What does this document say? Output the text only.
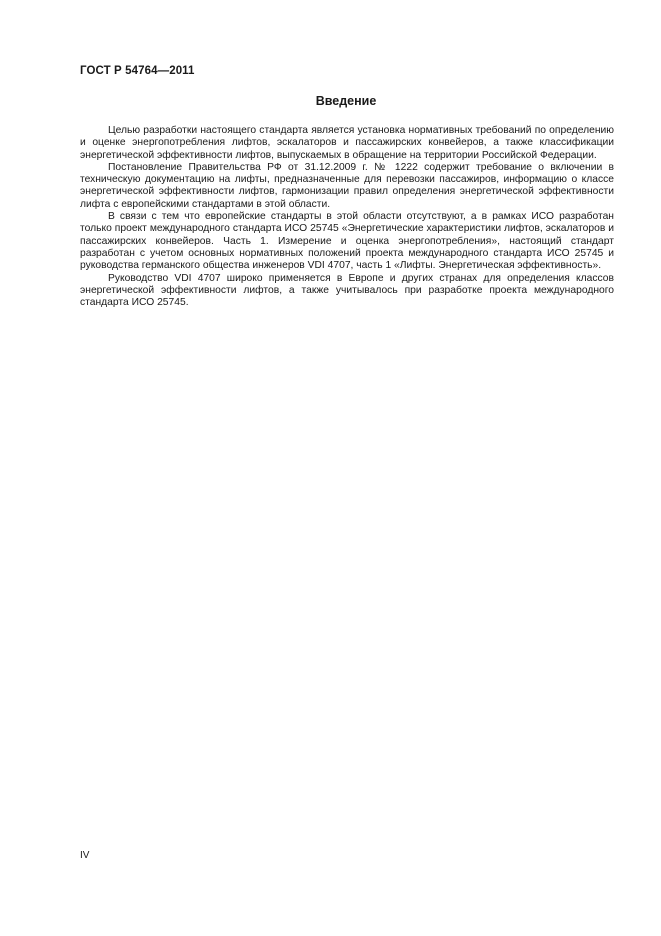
ГОСТ Р 54764—2011
Введение

Целью разработки настоящего стандарта является установка нормативных требований по определению и оценке энергопотребления лифтов, эскалаторов и пассажирских конвейеров, а также классификации энергетической эффективности лифтов, выпускаемых в обращение на территории Российской Федерации.

Постановление Правительства РФ от 31.12.2009 г. № 1222 содержит требование о включении в техническую документацию на лифты, предназначенные для перевозки пассажиров, информацию о классе энергетической эффективности лифтов, гармонизации правил определения энергетической эффективности лифта с европейскими стандартами в этой области.

В связи с тем что европейские стандарты в этой области отсутствуют, а в рамках ИСО разработан только проект международного стандарта ИСО 25745 «Энергетические характеристики лифтов, эскалаторов и пассажирских конвейеров. Часть 1. Измерение и оценка энергопотребления», настоящий стандарт разработан с учетом основных нормативных положений проекта международного стандарта ИСО 25745 и руководства германского общества инженеров VDI 4707, часть 1 «Лифты. Энергетическая эффективность».

Руководство VDI 4707 широко применяется в Европе и других странах для определения классов энергетической эффективности лифтов, а также учитывалось при разработке проекта международного стандарта ИСО 25745.

IV
